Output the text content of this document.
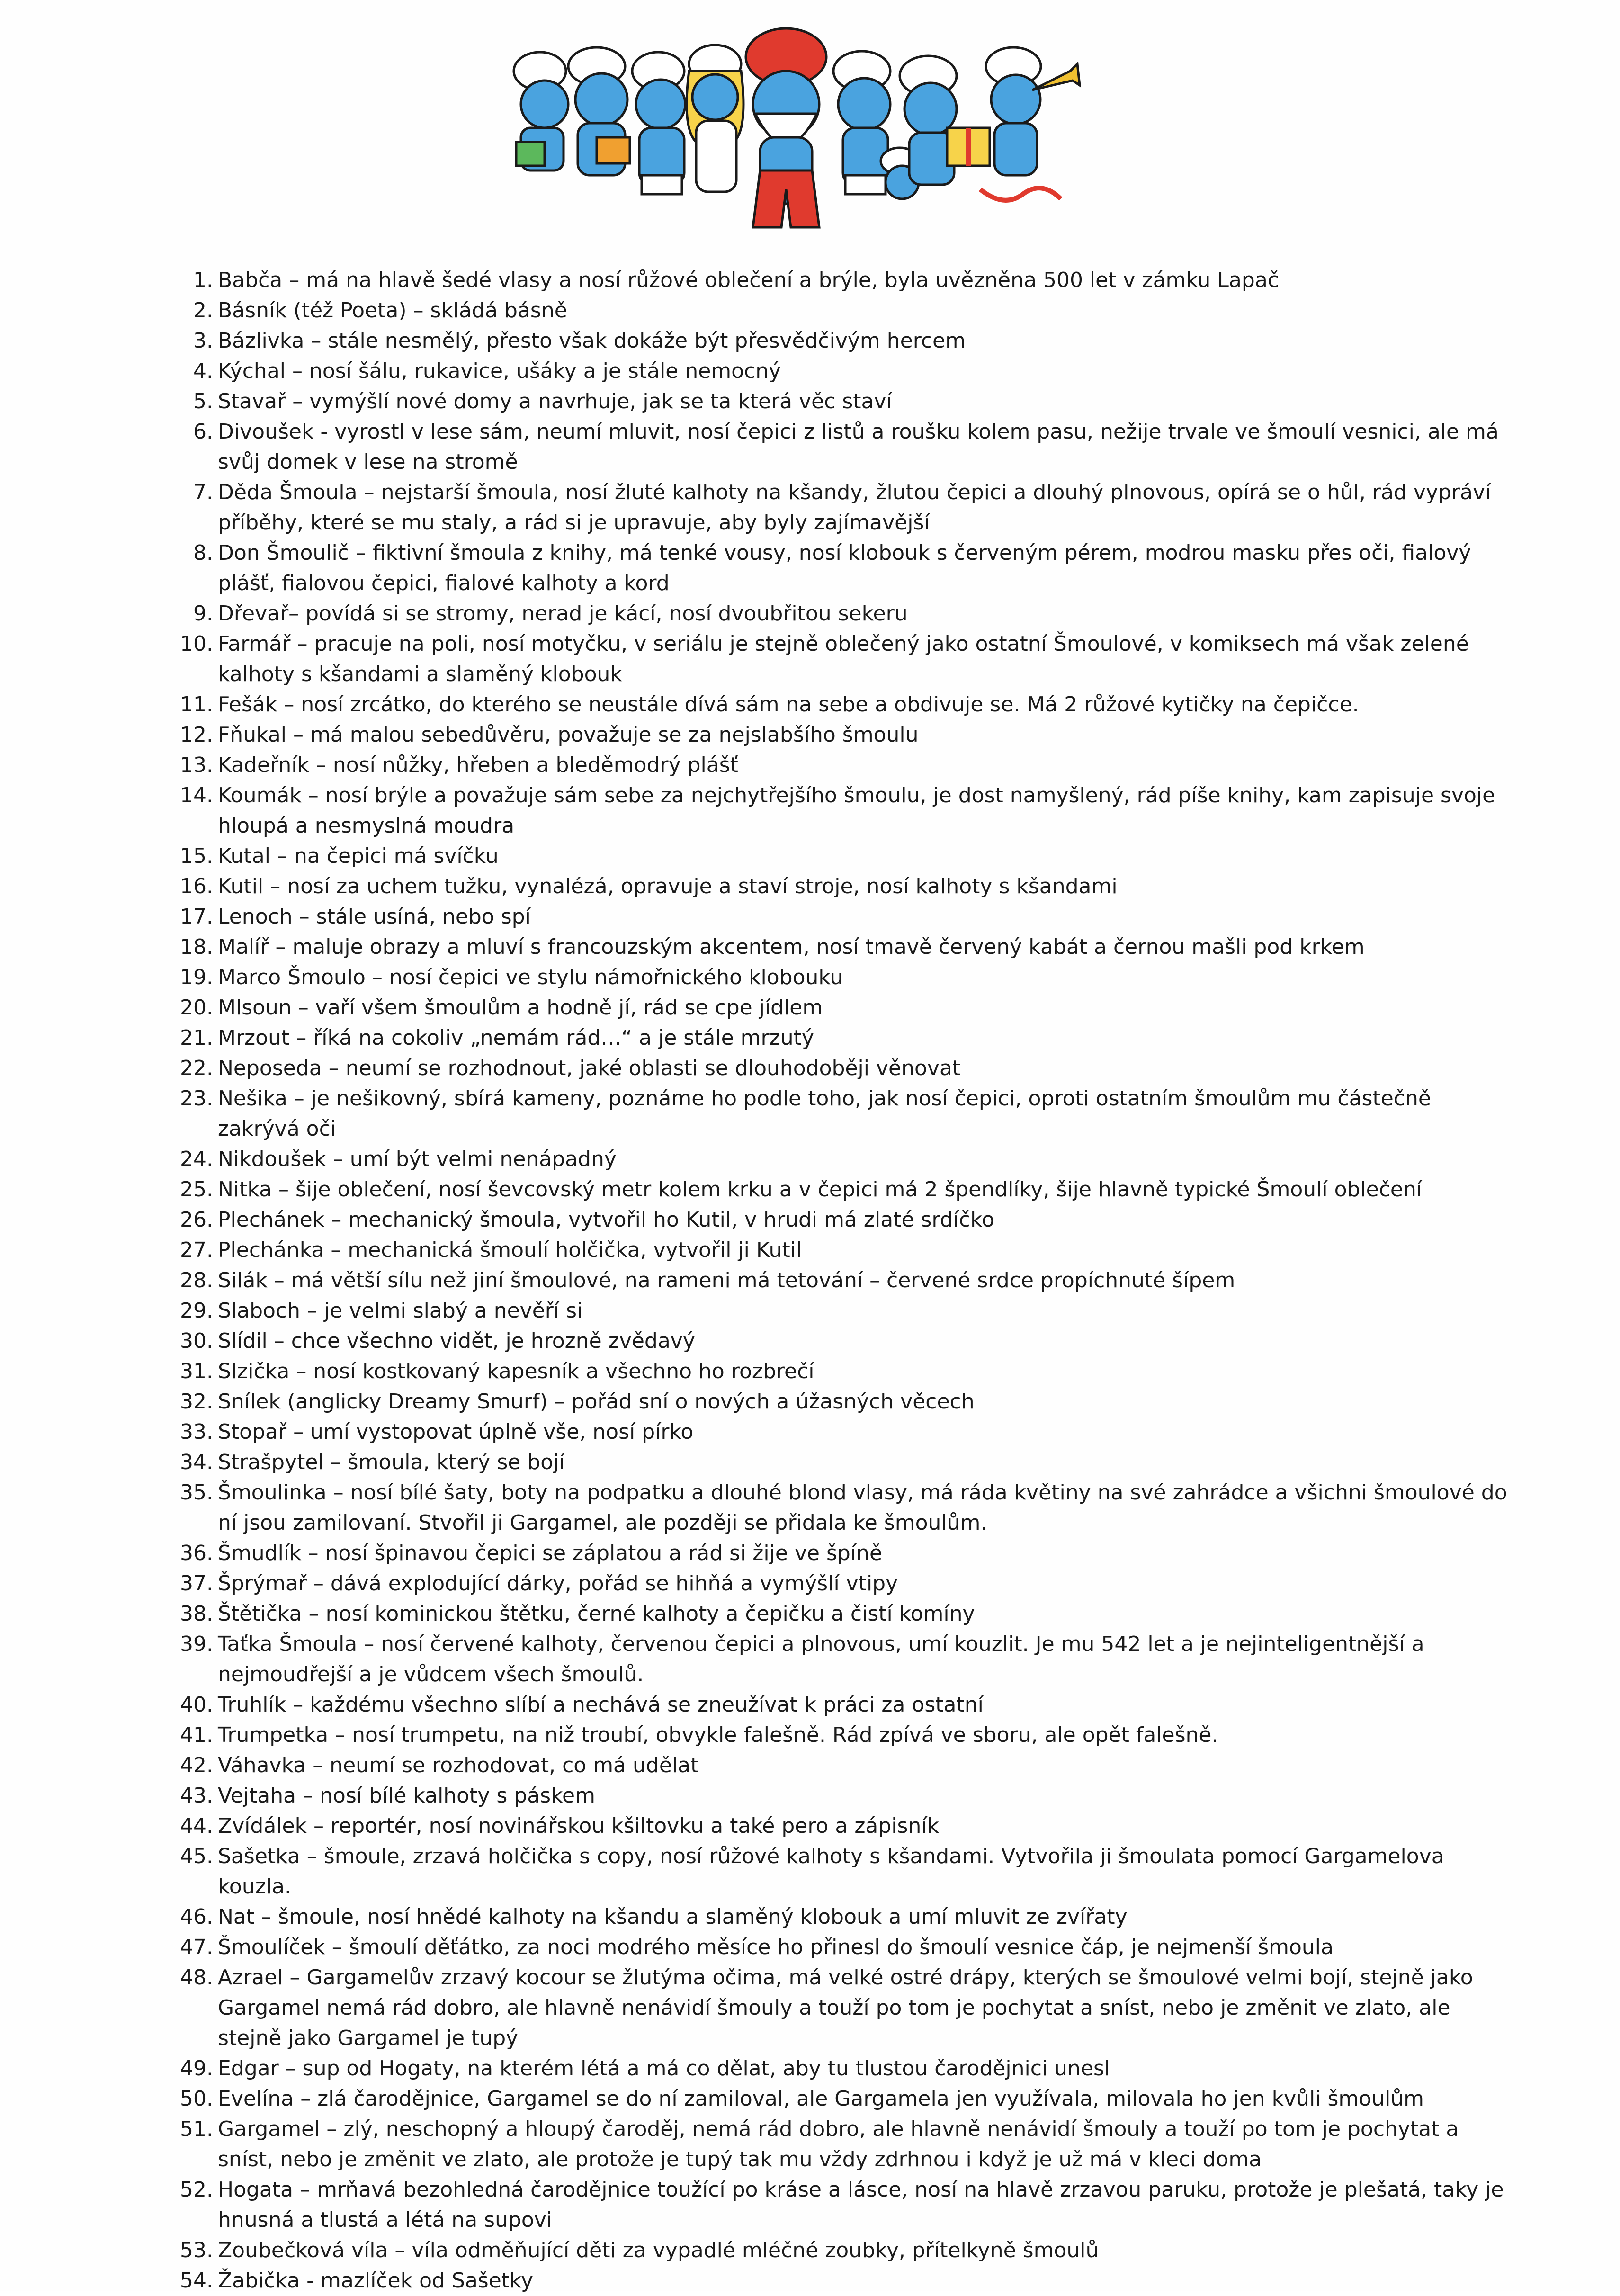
1. Babča – má na hlavě šedé vlasy a nosí růžové oblečení a brýle, byla uvězněna 500 let v zámku Lapač
2. Básník (též Poeta) – skládá básně
3. Bázlivka – stále nesmělý, přesto však dokáže být přesvědčivým hercem
4. Kýchal – nosí šálu, rukavice, ušáky a je stále nemocný
5. Stavař – vymýšlí nové domy a navrhuje, jak se ta která věc staví
6. Divoušek - vyrostl v lese sám, neumí mluvit, nosí čepici z listů a roušku kolem pasu, nežije trvale ve šmoulí vesnici, ale má svůj domek v lese na stromě
7. Děda Šmoula – nejstarší šmoula, nosí žluté kalhoty na kšandy, žlutou čepici a dlouhý plnovous, opírá se o hůl, rád vypráví příběhy, které se mu staly, a rád si je upravuje, aby byly zajímavější
8. Don Šmoulič – fiktivní šmoula z knihy, má tenké vousy, nosí klobouk s červeným pérem, modrou masku přes oči, fialový plášť, fialovou čepici, fialové kalhoty a kord
9. Dřevař– povídá si se stromy, nerad je kácí, nosí dvoubřitou sekeru
10. Farmář – pracuje na poli, nosí motyčku, v seriálu je stejně oblečený jako ostatní Šmoulové, v komiksech má však zelené kalhoty s kšandami a slaměný klobouk
11. Fešák – nosí zrcátko, do kterého se neustále dívá sám na sebe a obdivuje se. Má 2 růžové kytičky na čepičce.
12. Fňukal – má malou sebedůvěru, považuje se za nejslabšího šmoulu
13. Kadeřník – nosí nůžky, hřeben a bleděmodrý plášť
14. Koumák – nosí brýle a považuje sám sebe za nejchytřejšího šmoulu, je dost namyšlený, rád píše knihy, kam zapisuje svoje hloupá a nesmyslná moudra
15. Kutal – na čepici má svíčku
16. Kutil – nosí za uchem tužku, vynalézá, opravuje a staví stroje, nosí kalhoty s kšandami
17. Lenoch – stále usíná, nebo spí
18. Malíř – maluje obrazy a mluví s francouzským akcentem, nosí tmavě červený kabát a černou mašli pod krkem
19. Marco Šmoulo – nosí čepici ve stylu námořnického klobouku
20. Mlsoun – vaří všem šmoulům a hodně jí, rád se cpe jídlem
21. Mrzout – říká na cokoliv „nemám rád…“ a je stále mrzutý
22. Neposeda – neumí se rozhodnout, jaké oblasti se dlouhodoběji věnovat
23. Nešika – je nešikovný, sbírá kameny, poznáme ho podle toho, jak nosí čepici, oproti ostatním šmoulům mu částečně zakrývá oči
24. Nikdoušek – umí být velmi nenápadný
25. Nitka – šije oblečení, nosí ševcovský metr kolem krku a v čepici má 2 špendlíky, šije hlavně typické Šmoulí oblečení
26. Plechánek – mechanický šmoula, vytvořil ho Kutil, v hrudi má zlaté srdíčko
27. Plechánka – mechanická šmoulí holčička, vytvořil ji Kutil
28. Silák – má větší sílu než jiní šmoulové, na rameni má tetování – červené srdce propíchnuté šípem
29. Slaboch – je velmi slabý a nevěří si
30. Slídil – chce všechno vidět, je hrozně zvědavý
31. Slzička – nosí kostkovaný kapesník a všechno ho rozbrečí
32. Snílek (anglicky Dreamy Smurf) – pořád sní o nových a úžasných věcech
33. Stopař – umí vystopovat úplně vše, nosí pírko
34. Strašpytel – šmoula, který se bojí
35. Šmoulinka – nosí bílé šaty, boty na podpatku a dlouhé blond vlasy, má ráda květiny na své zahrádce a všichni šmoulové do ní jsou zamilovaní. Stvořil ji Gargamel, ale později se přidala ke šmoulům.
36. Šmudlík – nosí špinavou čepici se záplatou a rád si žije ve špíně
37. Šprýmař – dává explodující dárky, pořád se hihňá a vymýšlí vtipy
38. Štětička – nosí kominickou štětku, černé kalhoty a čepičku a čistí komíny
39. Taťka Šmoula – nosí červené kalhoty, červenou čepici a plnovous, umí kouzlit. Je mu 542 let a je nejinteligentnější a nejmoudřejší a je vůdcem všech šmoulů.
40. Truhlík – každému všechno slíbí a nechává se zneužívat k práci za ostatní
41. Trumpetka – nosí trumpetu, na niž troubí, obvykle falešně. Rád zpívá ve sboru, ale opět falešně.
42. Váhavka – neumí se rozhodovat, co má udělat
43. Vejtaha – nosí bílé kalhoty s páskem
44. Zvídálek – reportér, nosí novinářskou kšiltovku a také pero a zápisník
45. Sašetka – šmoule, zrzavá holčička s copy, nosí růžové kalhoty s kšandami. Vytvořila ji šmoulata pomocí Gargamelova kouzla.
46. Nat – šmoule, nosí hnědé kalhoty na kšandu a slaměný klobouk a umí mluvit ze zvířaty
47. Šmoulíček – šmoulí děťátko, za noci modrého měsíce ho přinesl do šmoulí vesnice čáp, je nejmenší šmoula
48. Azrael – Gargamelův zrzavý kocour se žlutýma očima, má velké ostré drápy, kterých se šmoulové velmi bojí, stejně jako Gargamel nemá rád dobro, ale hlavně nenávidí šmouly a touží po tom je pochytat a sníst, nebo je změnit ve zlato, ale stejně jako Gargamel je tupý
49. Edgar – sup od Hogaty, na kterém létá a má co dělat, aby tu tlustou čarodějnici unesl
50. Evelína – zlá čarodějnice, Gargamel se do ní zamiloval, ale Gargamela jen využívala, milovala ho jen kvůli šmoulům
51. Gargamel – zlý, neschopný a hloupý čaroděj, nemá rád dobro, ale hlavně nenávidí šmouly a touží po tom je pochytat a sníst, nebo je změnit ve zlato, ale protože je tupý tak mu vždy zdrhnou i když je už má v kleci doma
52. Hogata – mrňavá bezohledná čarodějnice toužící po kráse a lásce, nosí na hlavě zrzavou paruku, protože je plešatá, taky je hnusná a tlustá a létá na supovi
53. Zoubečková víla – víla odměňující děti za vypadlé mléčné zoubky, přítelkyně šmoulů
54. Žabička - mazlíček od Sašetky
